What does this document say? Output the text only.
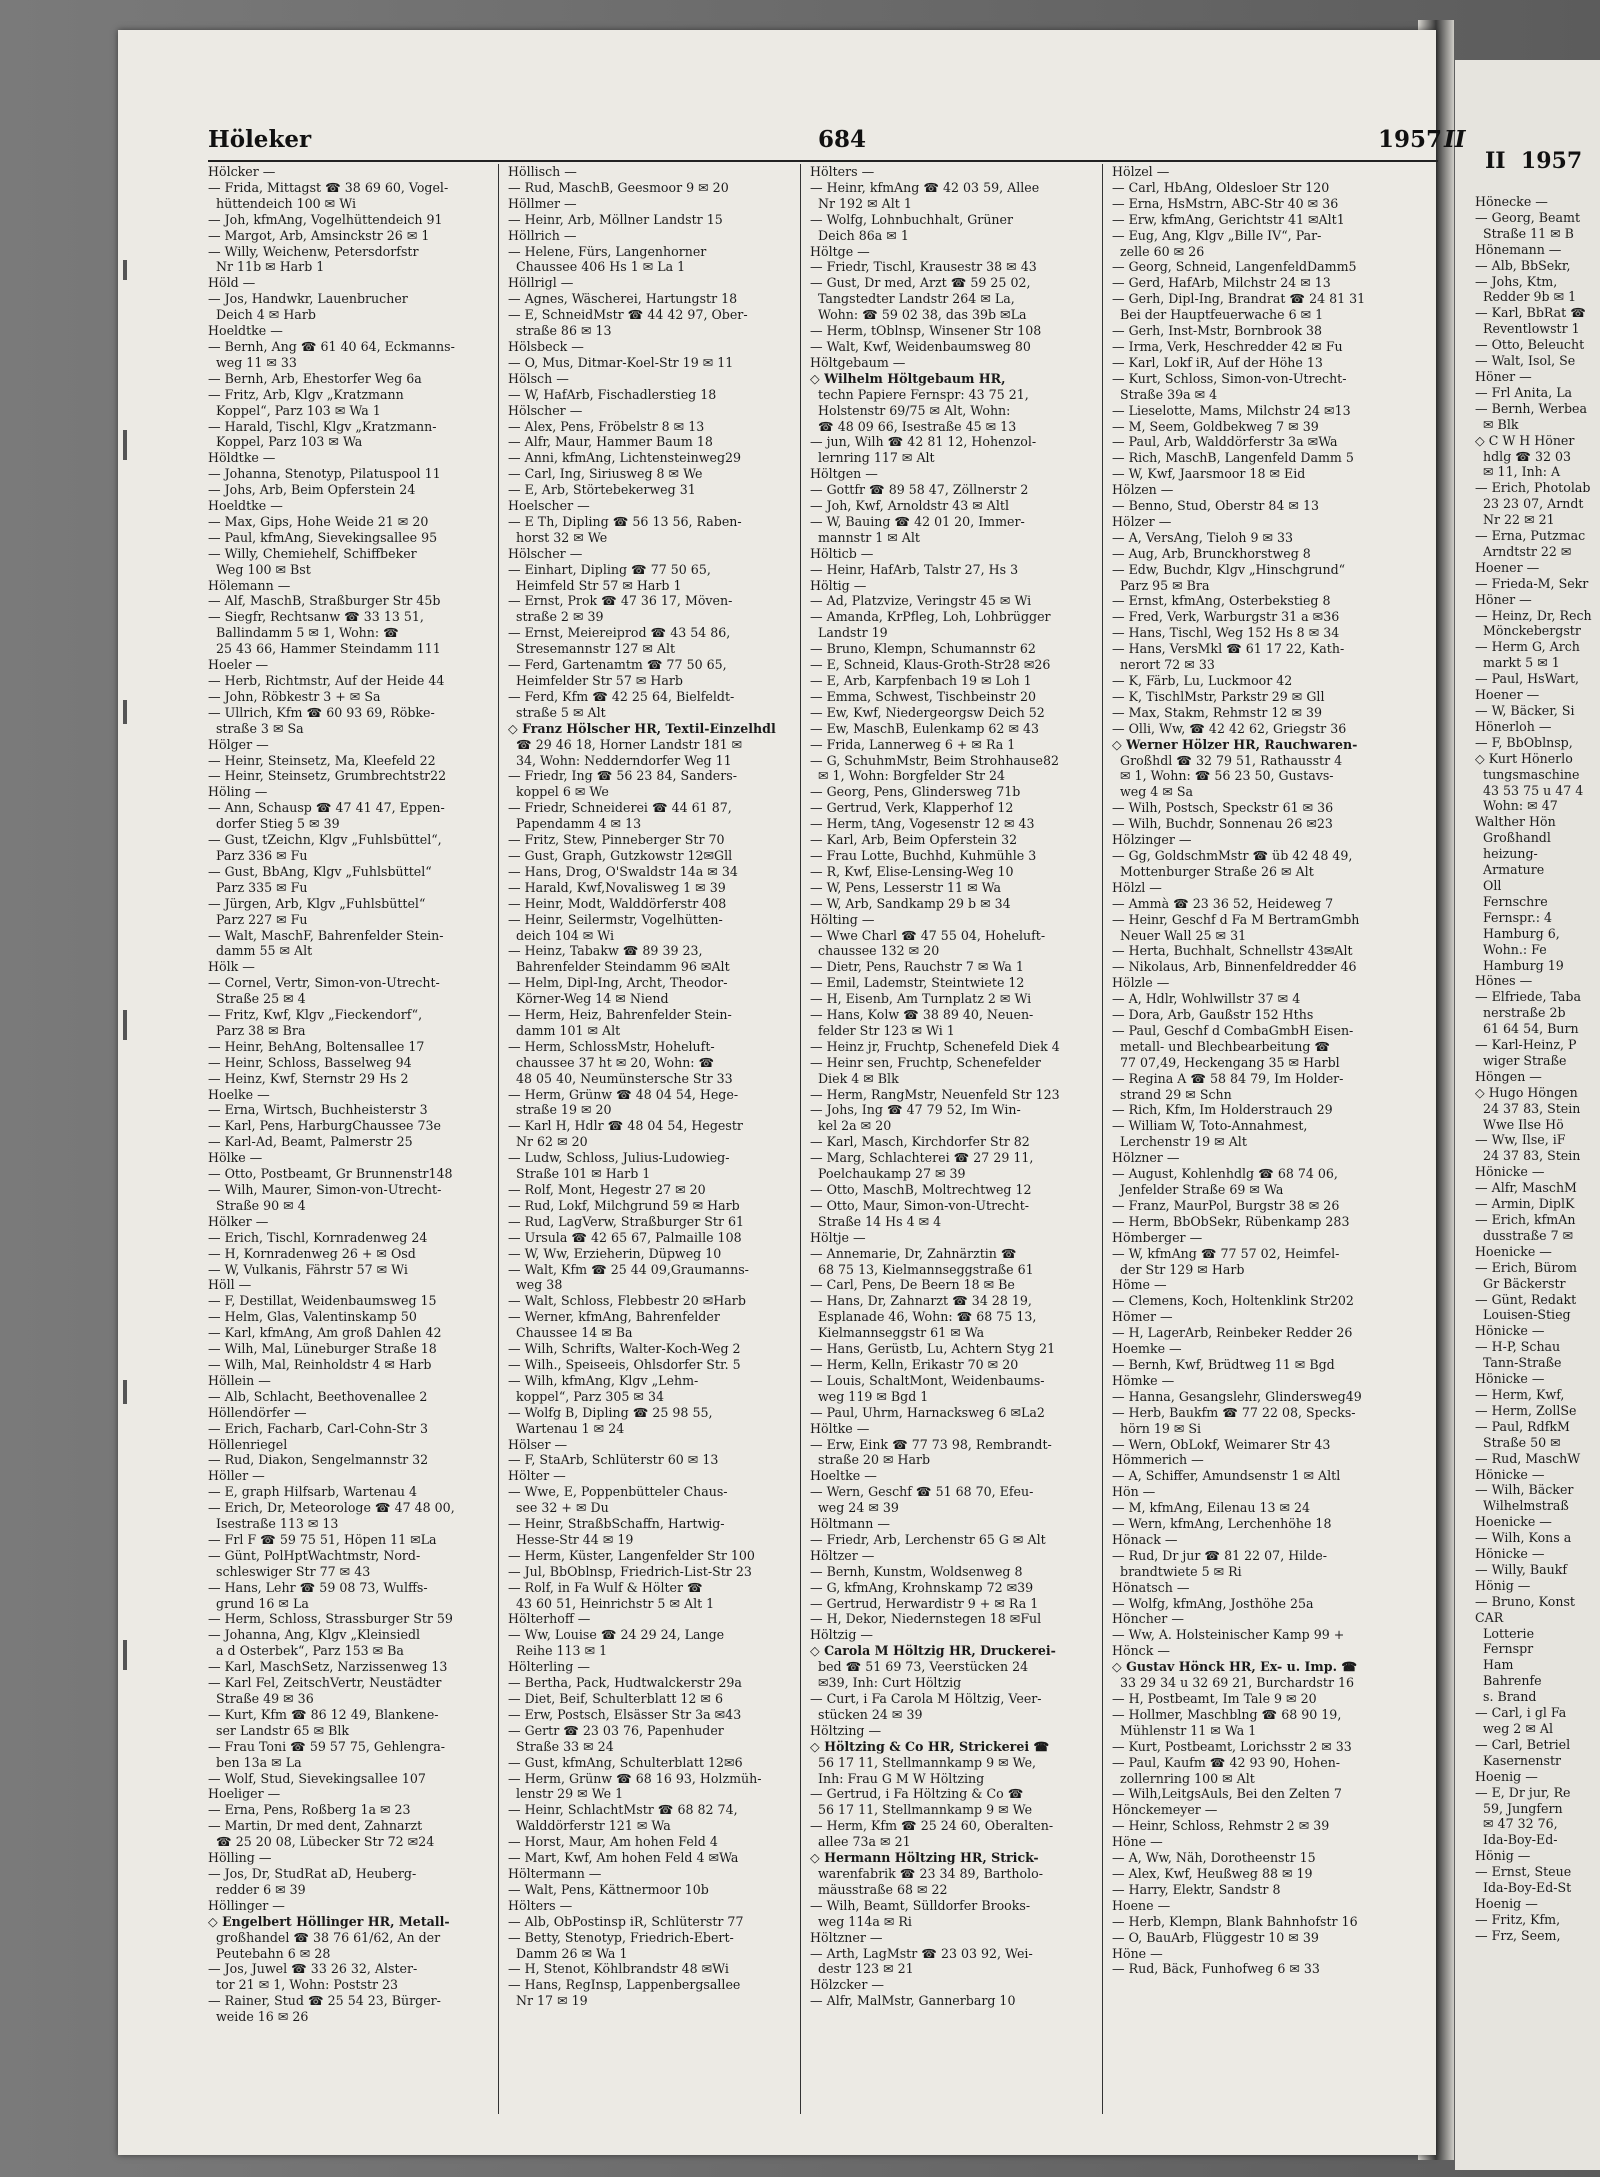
II  1957
Hönecke —
— Georg, Beamt
Straße 11 ✉ B
Hönemann —
— Alb, BbSekr,
— Johs, Ktm,
Redder 9b ✉ 1
— Karl, BbRat ☎
Reventlowstr 1
— Otto, Beleucht
— Walt, Isol, Se
Höner —
— Frl Anita, La
— Bernh, Werbea
✉ Blk
◇ C W H Höner
hdlg ☎ 32 03
✉ 11, Inh: A
— Erich, Photolab
23 23 07, Arndt
Nr 22 ✉ 21
— Erna, Putzmac
Arndtstr 22 ✉
Hoener —
— Frieda-M, Sekr
Höner —
— Heinz, Dr, Rech
Mönckebergstr
— Herm G, Arch
markt 5 ✉ 1
— Paul, HsWart,
Hoener —
— W, Bäcker, Si
Hönerloh —
— F, BbOblnsp,
◇ Kurt Hönerlo
tungsmaschine
43 53 75 u 47 4
Wohn: ✉ 47
Walther Hön
Großhandl
heizung-
Armature
Oll
Fernschre
Fernspr.: 4
Hamburg 6,
Wohn.: Fe
Hamburg 19
Hönes —
— Elfriede, Taba
nerstraße 2b
61 64 54, Burn
— Karl-Heinz, P
wiger Straße
Höngen —
◇ Hugo Höngen
24 37 83, Stein
Wwe Ilse Hö
— Ww, Ilse, iF
24 37 83, Stein
Hönicke —
— Alfr, MaschM
— Armin, DiplK
— Erich, kfmAn
dusstraße 7 ✉
Hoenicke —
— Erich, Bürom
Gr Bäckerstr
— Günt, Redakt
Louisen-Stieg
Hönicke —
— H-P, Schau
Tann-Straße
Hönicke —
— Herm, Kwf,
— Herm, ZollSe
— Paul, RdfkM
Straße 50 ✉
— Rud, MaschW
Hönicke —
— Wilh, Bäcker
Wilhelmstraß
Hoenicke —
— Wilh, Kons a
Hönicke —
— Willy, Baukf
Hönig —
— Bruno, Konst
CAR
Lotterie
Fernspr
Ham
Bahrenfe
s. Brand
— Carl, i gl Fa
weg 2 ✉ Al
— Carl, Betriel
Kasernenstr
Hoenig —
— E, Dr jur, Re
59, Jungfern
✉ 47 32 76,
Ida-Boy-Ed-
Hönig —
— Ernst, Steue
Ida-Boy-Ed-St
Hoenig —
— Fritz, Kfm,
— Frz, Seem,
Höleker	684	1957 II
Hölcker —
— Frida, Mittagst ☎ 38 69 60, Vogel-
hüttendeich 100 ✉ Wi
— Joh, kfmAng, Vogelhüttendeich 91
— Margot, Arb, Amsinckstr 26 ✉ 1
— Willy, Weichenw, Petersdorfstr
Nr 11b ✉ Harb 1
Höld —
— Jos, Handwkr, Lauenbrucher
Deich 4 ✉ Harb
Hoeldtke —
— Bernh, Ang ☎ 61 40 64, Eckmanns-
weg 11 ✉ 33
— Bernh, Arb, Ehestorfer Weg 6a
— Fritz, Arb, Klgv „Kratzmann
Koppel“, Parz 103 ✉ Wa 1
— Harald, Tischl, Klgv „Kratzmann-
Koppel, Parz 103 ✉ Wa
Höldtke —
— Johanna, Stenotyp, Pilatuspool 11
— Johs, Arb, Beim Opferstein 24
Hoeldtke —
— Max, Gips, Hohe Weide 21 ✉ 20
— Paul, kfmAng, Sievekingsallee 95
— Willy, Chemiehelf, Schiffbeker
Weg 100 ✉ Bst
Hölemann —
— Alf, MaschB, Straßburger Str 45b
— Siegfr, Rechtsanw ☎ 33 13 51,
Ballindamm 5 ✉ 1, Wohn: ☎
25 43 66, Hammer Steindamm 111
Hoeler —
— Herb, Richtmstr, Auf der Heide 44
— John, Röbkestr 3 + ✉ Sa
— Ullrich, Kfm ☎ 60 93 69, Röbke-
straße 3 ✉ Sa
Hölger —
— Heinr, Steinsetz, Ma, Kleefeld 22
— Heinr, Steinsetz, Grumbrechtstr22
Höling —
— Ann, Schausp ☎ 47 41 47, Eppen-
dorfer Stieg 5 ✉ 39
— Gust, tZeichn, Klgv „Fuhlsbüttel“,
Parz 336 ✉ Fu
— Gust, BbAng, Klgv „Fuhlsbüttel“
Parz 335 ✉ Fu
— Jürgen, Arb, Klgv „Fuhlsbüttel“
Parz 227 ✉ Fu
— Walt, MaschF, Bahrenfelder Stein-
damm 55 ✉ Alt
Hölk —
— Cornel, Vertr, Simon-von-Utrecht-
Straße 25 ✉ 4
— Fritz, Kwf, Klgv „Fieckendorf“,
Parz 38 ✉ Bra
— Heinr, BehAng, Boltensallee 17
— Heinr, Schloss, Basselweg 94
— Heinz, Kwf, Sternstr 29 Hs 2
Hoelke —
— Erna, Wirtsch, Buchheisterstr 3
— Karl, Pens, HarburgChaussee 73e
— Karl-Ad, Beamt, Palmerstr 25
Hölke —
— Otto, Postbeamt, Gr Brunnenstr148
— Wilh, Maurer, Simon-von-Utrecht-
Straße 90 ✉ 4
Hölker —
— Erich, Tischl, Kornradenweg 24
— H, Kornradenweg 26 + ✉ Osd
— W, Vulkanis, Fährstr 57 ✉ Wi
Höll —
— F, Destillat, Weidenbaumsweg 15
— Helm, Glas, Valentinskamp 50
— Karl, kfmAng, Am groß Dahlen 42
— Wilh, Mal, Lüneburger Straße 18
— Wilh, Mal, Reinholdstr 4 ✉ Harb
Höllein —
— Alb, Schlacht, Beethovenallee 2
Höllendörfer —
— Erich, Facharb, Carl-Cohn-Str 3
Höllenriegel
— Rud, Diakon, Sengelmannstr 32
Höller —
— E, graph Hilfsarb, Wartenau 4
— Erich, Dr, Meteorologe ☎ 47 48 00,
Isestraße 113 ✉ 13
— Frl F ☎ 59 75 51, Höpen 11 ✉La
— Günt, PolHptWachtmstr, Nord-
schleswiger Str 77 ✉ 43
— Hans, Lehr ☎ 59 08 73, Wulffs-
grund 16 ✉ La
— Herm, Schloss, Strassburger Str 59
— Johanna, Ang, Klgv „Kleinsiedl
a d Osterbek“, Parz 153 ✉ Ba
— Karl, MaschSetz, Narzissenweg 13
— Karl Fel, ZeitschVertr, Neustädter
Straße 49 ✉ 36
— Kurt, Kfm ☎ 86 12 49, Blankene-
ser Landstr 65 ✉ Blk
— Frau Toni ☎ 59 57 75, Gehlengra-
ben 13a ✉ La
— Wolf, Stud, Sievekingsallee 107
Hoeliger —
— Erna, Pens, Roßberg 1a ✉ 23
— Martin, Dr med dent, Zahnarzt
☎ 25 20 08, Lübecker Str 72 ✉24
Hölling —
— Jos, Dr, StudRat aD, Heuberg-
redder 6 ✉ 39
Höllinger —
◇ Engelbert Höllinger HR, Metall-
großhandel ☎ 38 76 61/62, An der
Peutebahn 6 ✉ 28
— Jos, Juwel ☎ 33 26 32, Alster-
tor 21 ✉ 1, Wohn: Poststr 23
— Rainer, Stud ☎ 25 54 23, Bürger-
weide 16 ✉ 26
Höllisch —
— Rud, MaschB, Geesmoor 9 ✉ 20
Höllmer —
— Heinr, Arb, Möllner Landstr 15
Höllrich —
— Helene, Fürs, Langenhorner
Chaussee 406 Hs 1 ✉ La 1
Höllrigl —
— Agnes, Wäscherei, Hartungstr 18
— E, SchneidMstr ☎ 44 42 97, Ober-
straße 86 ✉ 13
Hölsbeck —
— O, Mus, Ditmar-Koel-Str 19 ✉ 11
Hölsch —
— W, HafArb, Fischadlerstieg 18
Hölscher —
— Alex, Pens, Fröbelstr 8 ✉ 13
— Alfr, Maur, Hammer Baum 18
— Anni, kfmAng, Lichtensteinweg29
— Carl, Ing, Siriusweg 8 ✉ We
— E, Arb, Störtebekerweg 31
Hoelscher —
— E Th, Dipling ☎ 56 13 56, Raben-
horst 32 ✉ We
Hölscher —
— Einhart, Dipling ☎ 77 50 65,
Heimfeld Str 57 ✉ Harb 1
— Ernst, Prok ☎ 47 36 17, Möven-
straße 2 ✉ 39
— Ernst, Meiereiprod ☎ 43 54 86,
Stresemannstr 127 ✉ Alt
— Ferd, Gartenamtm ☎ 77 50 65,
Heimfelder Str 57 ✉ Harb
— Ferd, Kfm ☎ 42 25 64, Bielfeldt-
straße 5 ✉ Alt
◇ Franz Hölscher HR, Textil-Einzelhdl
☎ 29 46 18, Horner Landstr 181 ✉
34, Wohn: Nedderndorfer Weg 11
— Friedr, Ing ☎ 56 23 84, Sanders-
koppel 6 ✉ We
— Friedr, Schneiderei ☎ 44 61 87,
Papendamm 4 ✉ 13
— Fritz, Stew, Pinneberger Str 70
— Gust, Graph, Gutzkowstr 12✉Gll
— Hans, Drog, O'Swaldstr 14a ✉ 34
— Harald, Kwf,Novalisweg 1 ✉ 39
— Heinr, Modt, Walddörferstr 408
— Heinr, Seilermstr, Vogelhütten-
deich 104 ✉ Wi
— Heinz, Tabakw ☎ 89 39 23,
Bahrenfelder Steindamm 96 ✉Alt
— Helm, Dipl-Ing, Archt, Theodor-
Körner-Weg 14 ✉ Niend
— Herm, Heiz, Bahrenfelder Stein-
damm 101 ✉ Alt
— Herm, SchlossMstr, Hoheluft-
chaussee 37 ht ✉ 20, Wohn: ☎
48 05 40, Neumünstersche Str 33
— Herm, Grünw ☎ 48 04 54, Hege-
straße 19 ✉ 20
— Karl H, Hdlr ☎ 48 04 54, Hegestr
Nr 62 ✉ 20
— Ludw, Schloss, Julius-Ludowieg-
Straße 101 ✉ Harb 1
— Rolf, Mont, Hegestr 27 ✉ 20
— Rud, Lokf, Milchgrund 59 ✉ Harb
— Rud, LagVerw, Straßburger Str 61
— Ursula ☎ 42 65 67, Palmaille 108
— W, Ww, Erzieherin, Düpweg 10
— Walt, Kfm ☎ 25 44 09,Graumanns-
weg 38
— Walt, Schloss, Flebbestr 20 ✉Harb
— Werner, kfmAng, Bahrenfelder
Chaussee 14 ✉ Ba
— Wilh, Schrifts, Walter-Koch-Weg 2
— Wilh., Speiseeis, Ohlsdorfer Str. 5
— Wilh, kfmAng, Klgv „Lehm-
koppel“, Parz 305 ✉ 34
— Wolfg B, Dipling ☎ 25 98 55,
Wartenau 1 ✉ 24
Hölser —
— F, StaArb, Schlüterstr 60 ✉ 13
Hölter —
— Wwe, E, Poppenbütteler Chaus-
see 32 + ✉ Du
— Heinr, StraßbSchaffn, Hartwig-
Hesse-Str 44 ✉ 19
— Herm, Küster, Langenfelder Str 100
— Jul, BbOblnsp, Friedrich-List-Str 23
— Rolf, in Fa Wulf & Hölter ☎
43 60 51, Heinrichstr 5 ✉ Alt 1
Hölterhoff —
— Ww, Louise ☎ 24 29 24, Lange
Reihe 113 ✉ 1
Hölterling —
— Bertha, Pack, Hudtwalckerstr 29a
— Diet, Beif, Schulterblatt 12 ✉ 6
— Erw, Postsch, Elsässer Str 3a ✉43
— Gertr ☎ 23 03 76, Papenhuder
Straße 33 ✉ 24
— Gust, kfmAng, Schulterblatt 12✉6
— Herm, Grünw ☎ 68 16 93, Holzmüh-
lenstr 29 ✉ We 1
— Heinr, SchlachtMstr ☎ 68 82 74,
Walddörferstr 121 ✉ Wa
— Horst, Maur, Am hohen Feld 4
— Mart, Kwf, Am hohen Feld 4 ✉Wa
Höltermann —
— Walt, Pens, Kättnermoor 10b
Hölters —
— Alb, ObPostinsp iR, Schlüterstr 77
— Betty, Stenotyp, Friedrich-Ebert-
Damm 26 ✉ Wa 1
— H, Stenot, Köhlbrandstr 48 ✉Wi
— Hans, RegInsp, Lappenbergsallee
Nr 17 ✉ 19
Hölters —
— Heinr, kfmAng ☎ 42 03 59, Allee
Nr 192 ✉ Alt 1
— Wolfg, Lohnbuchhalt, Grüner
Deich 86a ✉ 1
Höltge —
— Friedr, Tischl, Krausestr 38 ✉ 43
— Gust, Dr med, Arzt ☎ 59 25 02,
Tangstedter Landstr 264 ✉ La,
Wohn: ☎ 59 02 38, das 39b ✉La
— Herm, tOblnsp, Winsener Str 108
— Walt, Kwf, Weidenbaumsweg 80
Höltgebaum —
◇ Wilhelm Höltgebaum HR,
techn Papiere Fernspr: 43 75 21,
Holstenstr 69/75 ✉ Alt, Wohn:
☎ 48 09 66, Isestraße 45 ✉ 13
— jun, Wilh ☎ 42 81 12, Hohenzol-
lernring 117 ✉ Alt
Höltgen —
— Gottfr ☎ 89 58 47, Zöllnerstr 2
— Joh, Kwf, Arnoldstr 43 ✉ Altl
— W, Bauing ☎ 42 01 20, Immer-
mannstr 1 ✉ Alt
Hölticb —
— Heinr, HafArb, Talstr 27, Hs 3
Höltig —
— Ad, Platzvize, Veringstr 45 ✉ Wi
— Amanda, KrPfleg, Loh, Lohbrügger
Landstr 19
— Bruno, Klempn, Schumannstr 62
— E, Schneid, Klaus-Groth-Str28 ✉26
— E, Arb, Karpfenbach 19 ✉ Loh 1
— Emma, Schwest, Tischbeinstr 20
— Ew, Kwf, Niedergeorgsw Deich 52
— Ew, MaschB, Eulenkamp 62 ✉ 43
— Frida, Lannerweg 6 + ✉ Ra 1
— G, SchuhmMstr, Beim Strohhause82
✉ 1, Wohn: Borgfelder Str 24
— Georg, Pens, Glindersweg 71b
— Gertrud, Verk, Klapperhof 12
— Herm, tAng, Vogesenstr 12 ✉ 43
— Karl, Arb, Beim Opferstein 32
— Frau Lotte, Buchhd, Kuhmühle 3
— R, Kwf, Elise-Lensing-Weg 10
— W, Pens, Lesserstr 11 ✉ Wa
— W, Arb, Sandkamp 29 b ✉ 34
Hölting —
— Wwe Charl ☎ 47 55 04, Hoheluft-
chaussee 132 ✉ 20
— Dietr, Pens, Rauchstr 7 ✉ Wa 1
— Emil, Lademstr, Steintwiete 12
— H, Eisenb, Am Turnplatz 2 ✉ Wi
— Hans, Kolw ☎ 38 89 40, Neuen-
felder Str 123 ✉ Wi 1
— Heinz jr, Fruchtp, Schenefeld Diek 4
— Heinr sen, Fruchtp, Schenefelder
Diek 4 ✉ Blk
— Herm, RangMstr, Neuenfeld Str 123
— Johs, Ing ☎ 47 79 52, Im Win-
kel 2a ✉ 20
— Karl, Masch, Kirchdorfer Str 82
— Marg, Schlachterei ☎ 27 29 11,
Poelchaukamp 27 ✉ 39
— Otto, MaschB, Moltrechtweg 12
— Otto, Maur, Simon-von-Utrecht-
Straße 14 Hs 4 ✉ 4
Höltje —
— Annemarie, Dr, Zahnärztin ☎
68 75 13, Kielmannseggstraße 61
— Carl, Pens, De Beern 18 ✉ Be
— Hans, Dr, Zahnarzt ☎ 34 28 19,
Esplanade 46, Wohn: ☎ 68 75 13,
Kielmannseggstr 61 ✉ Wa
— Hans, Gerüstb, Lu, Achtern Styg 21
— Herm, Kelln, Erikastr 70 ✉ 20
— Louis, SchaltMont, Weidenbaums-
weg 119 ✉ Bgd 1
— Paul, Uhrm, Harnacksweg 6 ✉La2
Höltke —
— Erw, Eink ☎ 77 73 98, Rembrandt-
straße 20 ✉ Harb
Hoeltke —
— Wern, Geschf ☎ 51 68 70, Efeu-
weg 24 ✉ 39
Höltmann —
— Friedr, Arb, Lerchenstr 65 G ✉ Alt
Höltzer —
— Bernh, Kunstm, Woldsenweg 8
— G, kfmAng, Krohnskamp 72 ✉39
— Gertrud, Herwardistr 9 + ✉ Ra 1
— H, Dekor, Niedernstegen 18 ✉Ful
Höltzig —
◇ Carola M Höltzig HR, Druckerei-
bed ☎ 51 69 73, Veerstücken 24
✉39, Inh: Curt Höltzig
— Curt, i Fa Carola M Höltzig, Veer-
stücken 24 ✉ 39
Höltzing —
◇ Höltzing & Co HR, Strickerei ☎
56 17 11, Stellmannkamp 9 ✉ We,
Inh: Frau G M W Höltzing
— Gertrud, i Fa Höltzing & Co ☎
56 17 11, Stellmannkamp 9 ✉ We
— Herm, Kfm ☎ 25 24 60, Oberalten-
allee 73a ✉ 21
◇ Hermann Höltzing HR, Strick-
warenfabrik ☎ 23 34 89, Bartholo-
mäusstraße 68 ✉ 22
— Wilh, Beamt, Sülldorfer Brooks-
weg 114a ✉ Ri
Höltzner —
— Arth, LagMstr ☎ 23 03 92, Wei-
destr 123 ✉ 21
Hölzcker —
— Alfr, MalMstr, Gannerbarg 10
Hölzel —
— Carl, HbAng, Oldesloer Str 120
— Erna, HsMstrn, ABC-Str 40 ✉ 36
— Erw, kfmAng, Gerichtstr 41 ✉Alt1
— Eug, Ang, Klgv „Bille IV“, Par-
zelle 60 ✉ 26
— Georg, Schneid, LangenfeldDamm5
— Gerd, HafArb, Milchstr 24 ✉ 13
— Gerh, Dipl-Ing, Brandrat ☎ 24 81 31
Bei der Hauptfeuerwache 6 ✉ 1
— Gerh, Inst-Mstr, Bornbrook 38
— Irma, Verk, Heschredder 42 ✉ Fu
— Karl, Lokf iR, Auf der Höhe 13
— Kurt, Schloss, Simon-von-Utrecht-
Straße 39a ✉ 4
— Lieselotte, Mams, Milchstr 24 ✉13
— M, Seem, Goldbekweg 7 ✉ 39
— Paul, Arb, Walddörferstr 3a ✉Wa
— Rich, MaschB, Langenfeld Damm 5
— W, Kwf, Jaarsmoor 18 ✉ Eid
Hölzen —
— Benno, Stud, Oberstr 84 ✉ 13
Hölzer —
— A, VersAng, Tieloh 9 ✉ 33
— Aug, Arb, Brunckhorstweg 8
— Edw, Buchdr, Klgv „Hinschgrund“
Parz 95 ✉ Bra
— Ernst, kfmAng, Osterbekstieg 8
— Fred, Verk, Warburgstr 31 a ✉36
— Hans, Tischl, Weg 152 Hs 8 ✉ 34
— Hans, VersMkl ☎ 61 17 22, Kath-
nerort 72 ✉ 33
— K, Färb, Lu, Luckmoor 42
— K, TischlMstr, Parkstr 29 ✉ Gll
— Max, Stakm, Rehmstr 12 ✉ 39
— Olli, Ww, ☎ 42 42 62, Griegstr 36
◇ Werner Hölzer HR, Rauchwaren-
Großhdl ☎ 32 79 51, Rathausstr 4
✉ 1, Wohn: ☎ 56 23 50, Gustavs-
weg 4 ✉ Sa
— Wilh, Postsch, Speckstr 61 ✉ 36
— Wilh, Buchdr, Sonnenau 26 ✉23
Hölzinger —
— Gg, GoldschmMstr ☎ üb 42 48 49,
Mottenburger Straße 26 ✉ Alt
Hölzl —
— Ammà ☎ 23 36 52, Heideweg 7
— Heinr, Geschf d Fa M BertramGmbh
Neuer Wall 25 ✉ 31
— Herta, Buchhalt, Schnellstr 43✉Alt
— Nikolaus, Arb, Binnenfeldredder 46
Hölzle —
— A, Hdlr, Wohlwillstr 37 ✉ 4
— Dora, Arb, Gaußstr 152 Hths
— Paul, Geschf d CombaGmbH Eisen-
metall- und Blechbearbeitung ☎
77 07,49, Heckengang 35 ✉ Harbl
— Regina A ☎ 58 84 79, Im Holder-
strand 29 ✉ Schn
— Rich, Kfm, Im Holderstrauch 29
— William W, Toto-Annahmest,
Lerchenstr 19 ✉ Alt
Hölzner —
— August, Kohlenhdlg ☎ 68 74 06,
Jenfelder Straße 69 ✉ Wa
— Franz, MaurPol, Burgstr 38 ✉ 26
— Herm, BbObSekr, Rübenkamp 283
Hömberger —
— W, kfmAng ☎ 77 57 02, Heimfel-
der Str 129 ✉ Harb
Höme —
— Clemens, Koch, Holtenklink Str202
Hömer —
— H, LagerArb, Reinbeker Redder 26
Hoemke —
— Bernh, Kwf, Brüdtweg 11 ✉ Bgd
Hömke —
— Hanna, Gesangslehr, Glindersweg49
— Herb, Baukfm ☎ 77 22 08, Specks-
hörn 19 ✉ Si
— Wern, ObLokf, Weimarer Str 43
Hömmerich —
— A, Schiffer, Amundsenstr 1 ✉ Altl
Hön —
— M, kfmAng, Eilenau 13 ✉ 24
— Wern, kfmAng, Lerchenhöhe 18
Hönack —
— Rud, Dr jur ☎ 81 22 07, Hilde-
brandtwiete 5 ✉ Ri
Hönatsch —
— Wolfg, kfmAng, Josthöhe 25a
Höncher —
— Ww, A. Holsteinischer Kamp 99 +
Hönck —
◇ Gustav Hönck HR, Ex- u. Imp. ☎
33 29 34 u 32 69 21, Burchardstr 16
— H, Postbeamt, Im Tale 9 ✉ 20
— Hollmer, Maschblng ☎ 68 90 19,
Mühlenstr 11 ✉ Wa 1
— Kurt, Postbeamt, Lorichsstr 2 ✉ 33
— Paul, Kaufm ☎ 42 93 90, Hohen-
zollernring 100 ✉ Alt
— Wilh,LeitgsAuls, Bei den Zelten 7
Hönckemeyer —
— Heinr, Schloss, Rehmstr 2 ✉ 39
Höne —
— A, Ww, Näh, Dorotheenstr 15
— Alex, Kwf, Heußweg 88 ✉ 19
— Harry, Elektr, Sandstr 8
Hoene —
— Herb, Klempn, Blank Bahnhofstr 16
— O, BauArb, Flüggestr 10 ✉ 39
Höne —
— Rud, Bäck, Funhofweg 6 ✉ 33
